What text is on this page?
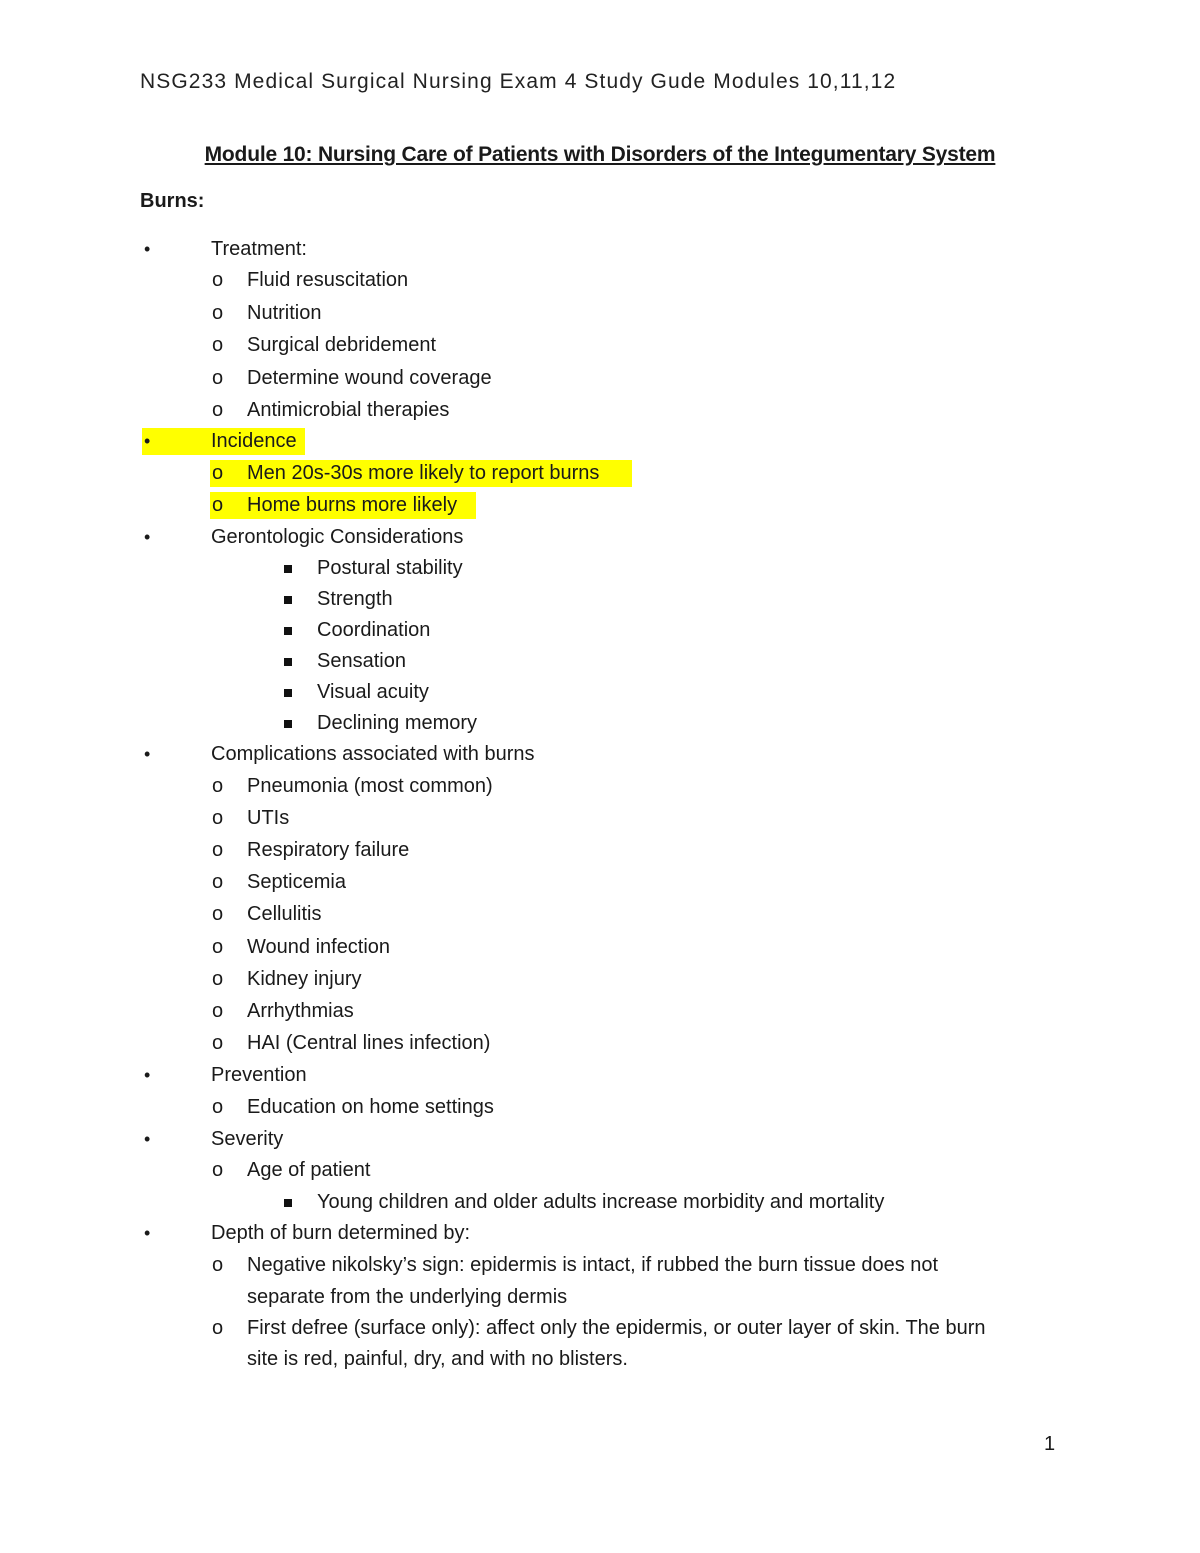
NSG233 Medical Surgical Nursing Exam 4 Study Gude Modules 10,11,12
Module 10: Nursing Care of Patients with Disorders of the Integumentary System
Burns:
•	Treatment:
o Fluid resuscitation
o Nutrition
o Surgical debridement
o Determine wound coverage
o Antimicrobial therapies
•	Incidence
o Men 20s-30s more likely to report burns
o Home burns more likely
•	Gerontologic Considerations
Postural stability
Strength
Coordination
Sensation
Visual acuity
Declining memory
•	Complications associated with burns
o Pneumonia (most common)
o UTIs
o Respiratory failure
o Septicemia
o Cellulitis
o Wound infection
o Kidney injury
o Arrhythmias
o HAI (Central lines infection)
•	Prevention
o Education on home settings
•	Severity
o Age of patient
Young children and older adults increase morbidity and mortality
•	Depth of burn determined by:
o Negative nikolsky’s sign: epidermis is intact, if rubbed the burn tissue does not
separate from the underlying dermis
o First defree (surface only): affect only the epidermis, or outer layer of skin. The burn
site is red, painful, dry, and with no blisters.
1
